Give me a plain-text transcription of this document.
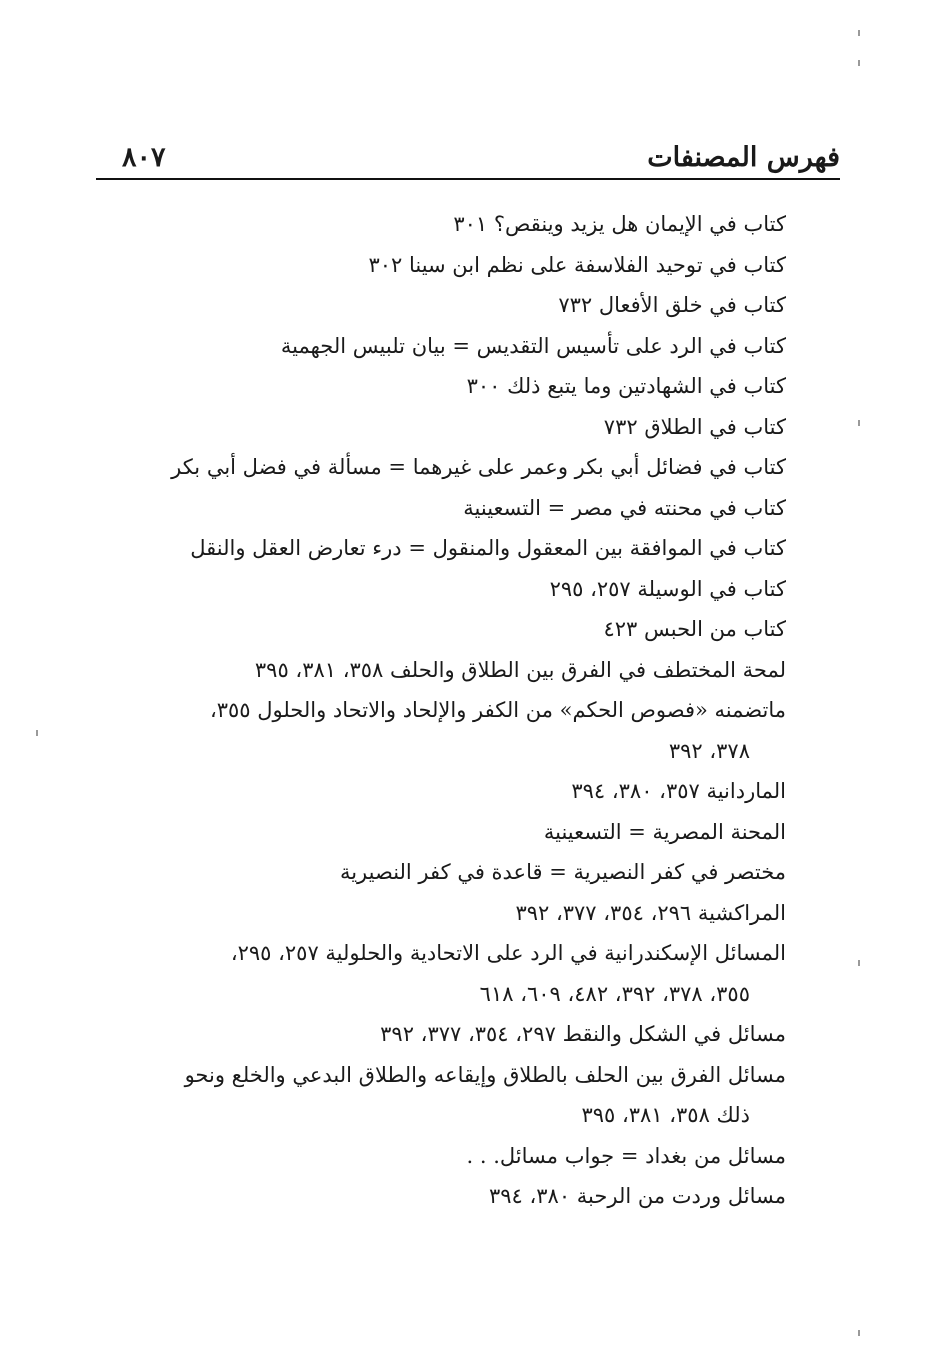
فهرس المصنفات
٨٠٧

كتاب في الإيمان هل يزيد وينقص؟ ٣٠١

كتاب في توحيد الفلاسفة على نظم ابن سينا ٣٠٢

كتاب في خلق الأفعال ٧٣٢

كتاب في الرد على تأسيس التقديس = بيان تلبيس الجهمية

كتاب في الشهادتين وما يتبع ذلك ٣٠٠

كتاب في الطلاق ٧٣٢

كتاب في فضائل أبي بكر وعمر على غيرهما = مسألة في فضل أبي بكر

كتاب في محنته في مصر = التسعينية

كتاب في الموافقة بين المعقول والمنقول = درء تعارض العقل والنقل

كتاب في الوسيلة ٢٥٧، ٢٩٥

كتاب من الحبس ٤٢٣

لمحة المختطف في الفرق بين الطلاق والحلف ٣٥٨، ٣٨١، ٣٩٥

ماتضمنه «فصوص الحكم» من الكفر والإلحاد والاتحاد والحلول ٣٥٥،

٣٧٨، ٣٩٢

الماردانية ٣٥٧، ٣٨٠، ٣٩٤

المحنة المصرية = التسعينية

مختصر في كفر النصيرية = قاعدة في كفر النصيرية

المراكشية ٢٩٦، ٣٥٤، ٣٧٧، ٣٩٢

المسائل الإسكندرانية في الرد على الاتحادية والحلولية ٢٥٧، ٢٩٥،

٣٥٥، ٣٧٨، ٣٩٢، ٤٨٢، ٦٠٩، ٦١٨

مسائل في الشكل والنقط ٢٩٧، ٣٥٤، ٣٧٧، ٣٩٢

مسائل الفرق بين الحلف بالطلاق وإيقاعه والطلاق البدعي والخلع ونحو

ذلك ٣٥٨، ٣٨١، ٣٩٥

مسائل من بغداد = جواب مسائل. . .

مسائل وردت من الرحبة ٣٨٠، ٣٩٤
